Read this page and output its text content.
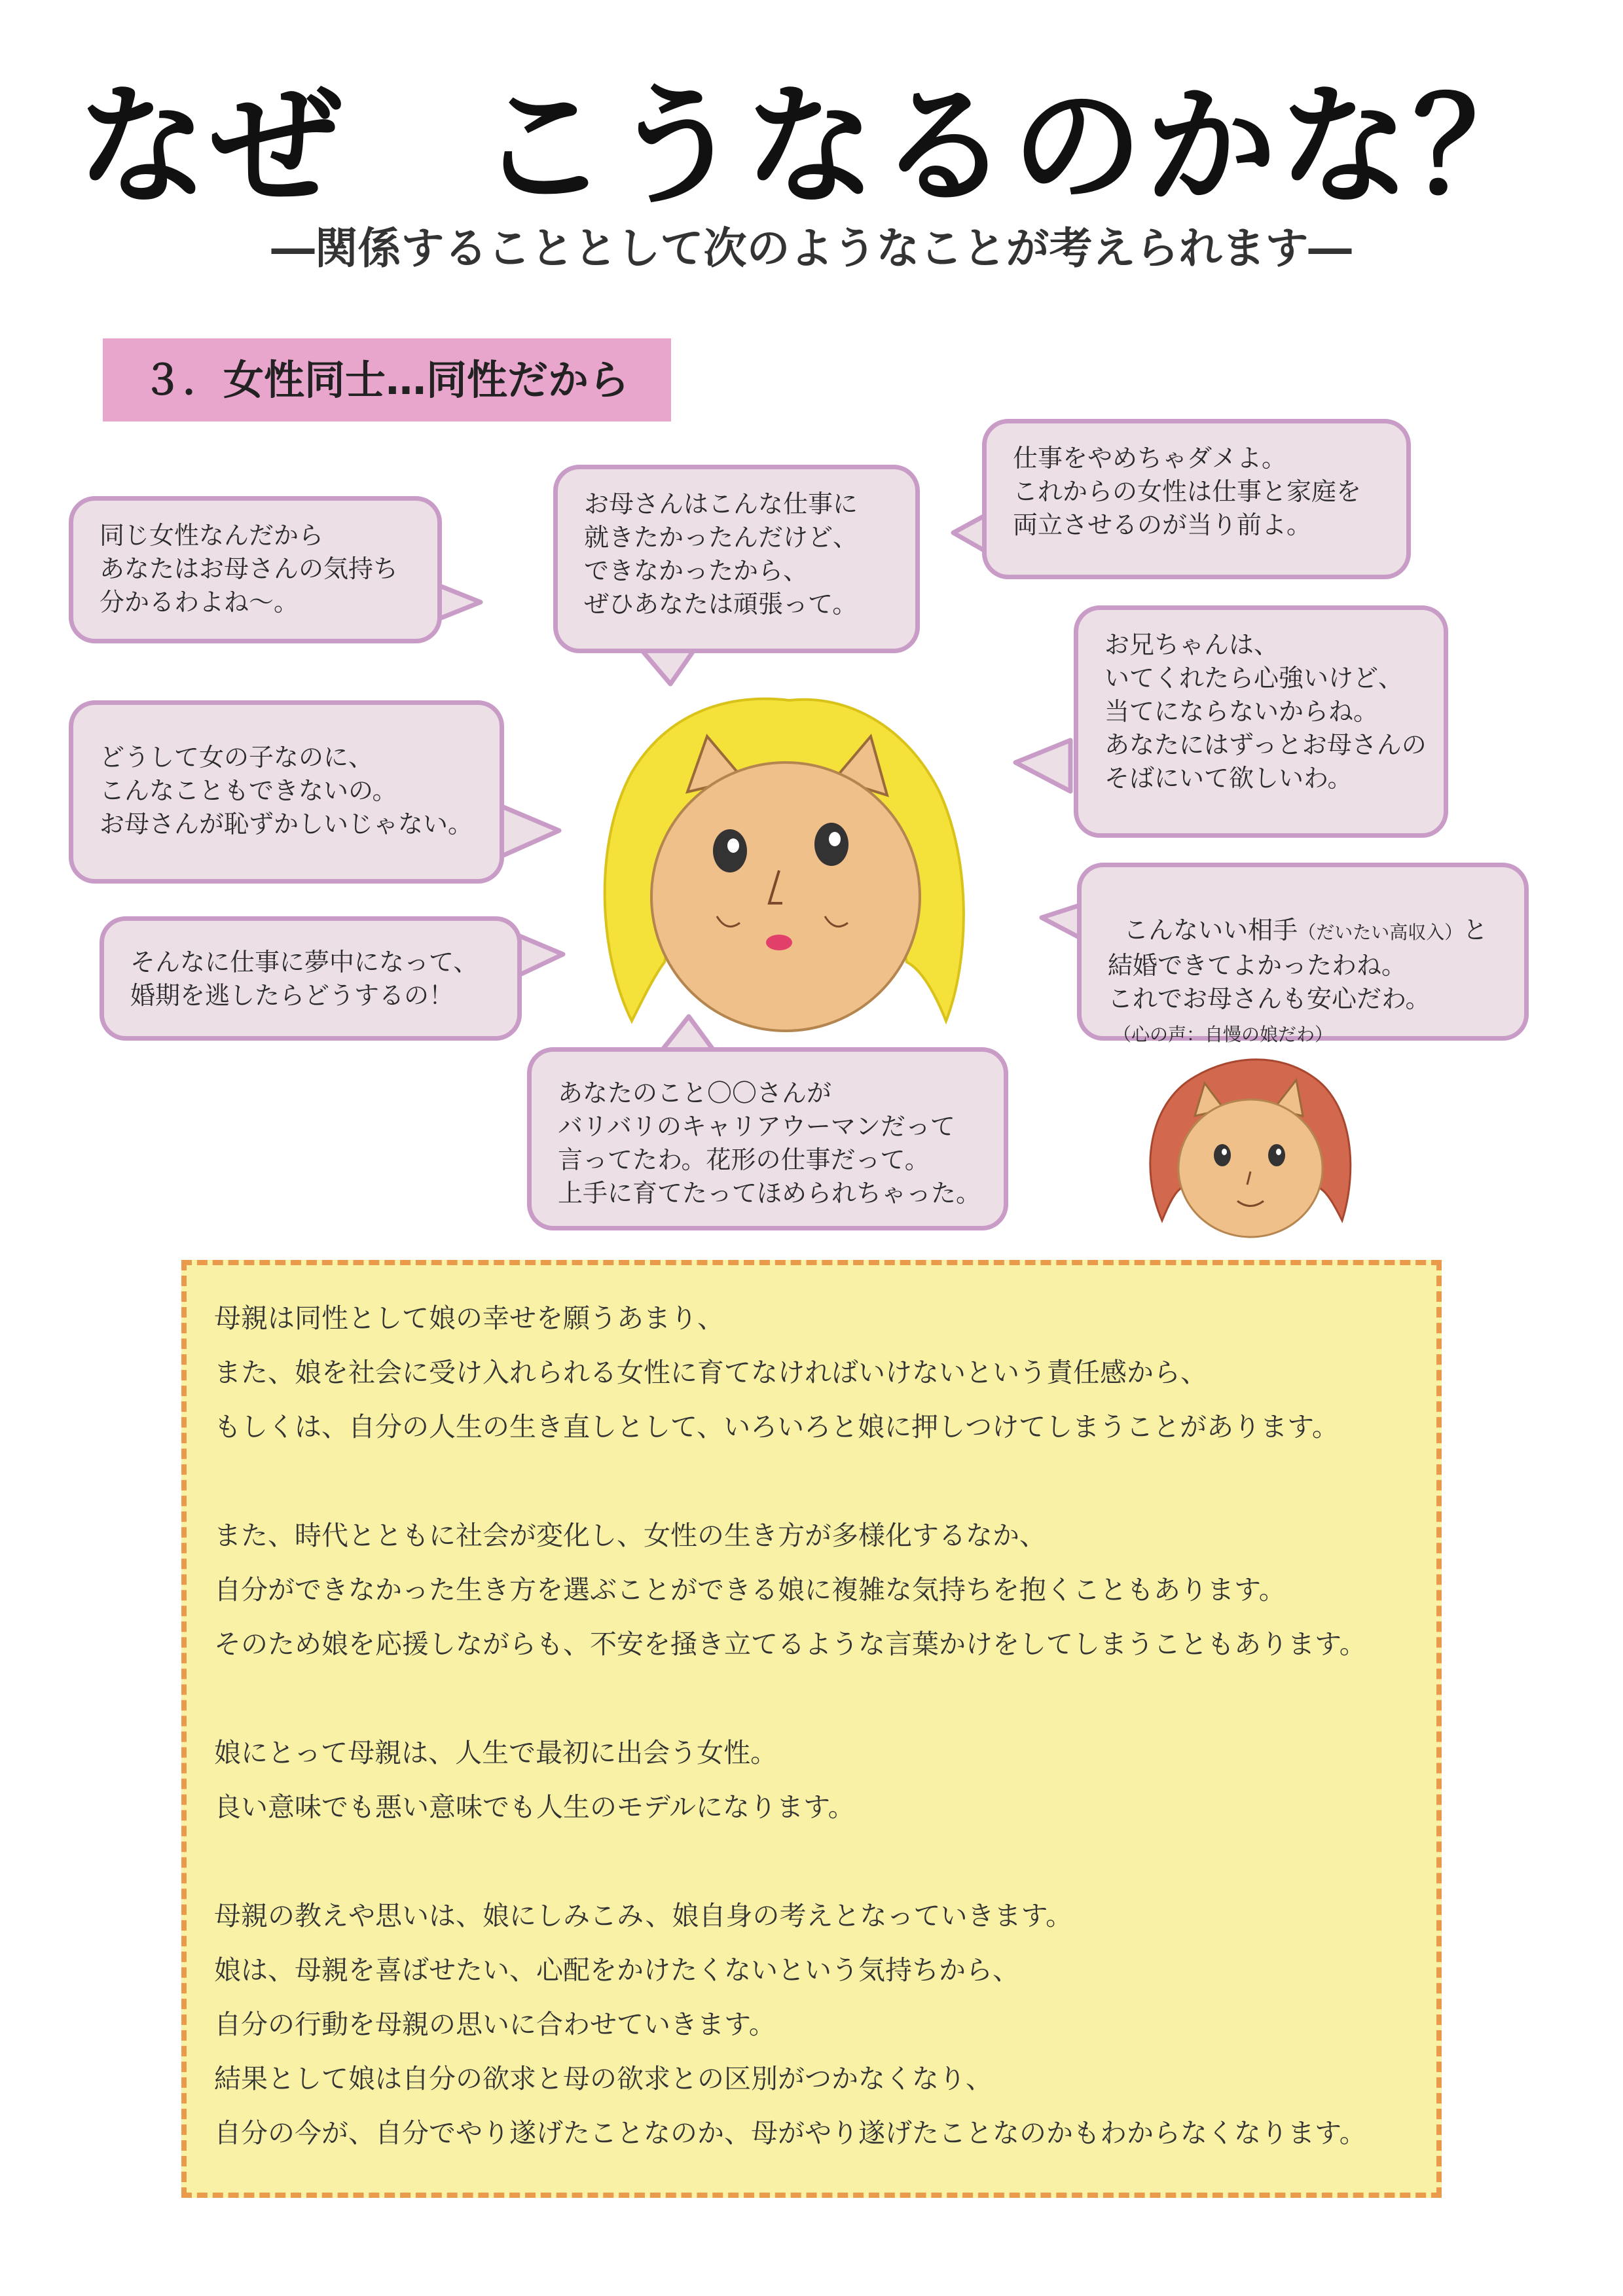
なぜ　こうなるのかな？
―関係することとして次のようなことが考えられます―
３．女性同士…同性だから
同じ女性なんだから
あなたはお母さんの気持ち
分かるわよね～。
お母さんはこんな仕事に
就きたかったんだけど、
できなかったから、
ぜひあなたは頑張って。
仕事をやめちゃダメよ。
これからの女性は仕事と家庭を
両立させるのが当り前よ。
お兄ちゃんは、
いてくれたら心強いけど、
当てにならないからね。
あなたにはずっとお母さんの
そばにいて欲しいわ。
どうして女の子なのに、
こんなこともできないの。
お母さんが恥ずかしいじゃない。
そんなに仕事に夢中になって、
婚期を逃したらどうするの！

こんないい相手（だいたい高収入）と
結婚できてよかったわね。
これでお母さんも安心だわ。
（心の声：自慢の娘だわ）
あなたのこと〇〇さんが
バリバリのキャリアウーマンだって
言ってたわ。花形の仕事だって。
上手に育てたってほめられちゃった。
母親は同性として娘の幸せを願うあまり、
また、娘を社会に受け入れられる女性に育てなければいけないという責任感から、
もしくは、自分の人生の生き直しとして、いろいろと娘に押しつけてしまうことがあります。
また、時代とともに社会が変化し、女性の生き方が多様化するなか、
自分ができなかった生き方を選ぶことができる娘に複雑な気持ちを抱くこともあります。
そのため娘を応援しながらも、不安を掻き立てるような言葉かけをしてしまうこともあります。
娘にとって母親は、人生で最初に出会う女性。
良い意味でも悪い意味でも人生のモデルになります。
母親の教えや思いは、娘にしみこみ、娘自身の考えとなっていきます。
娘は、母親を喜ばせたい、心配をかけたくないという気持ちから、
自分の行動を母親の思いに合わせていきます。
結果として娘は自分の欲求と母の欲求との区別がつかなくなり、
自分の今が、自分でやり遂げたことなのか、母がやり遂げたことなのかもわからなくなります。
